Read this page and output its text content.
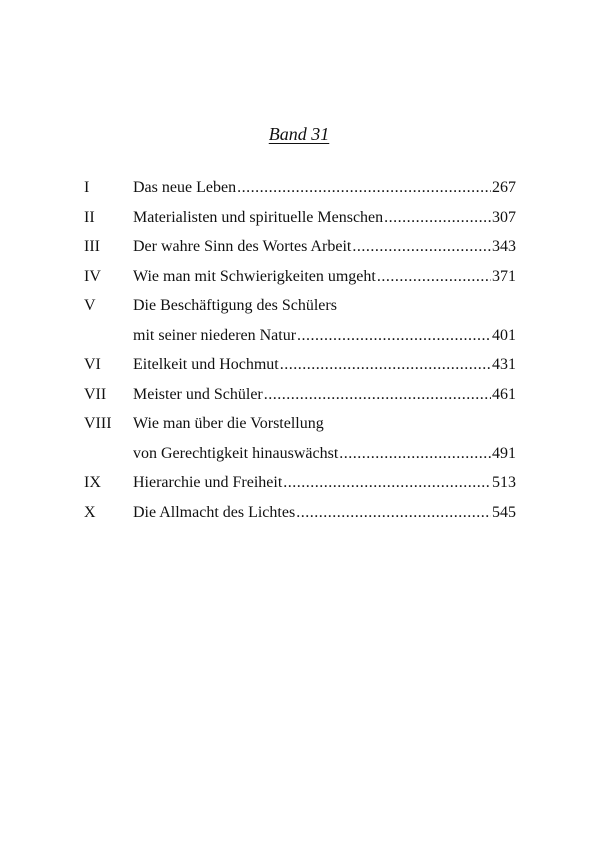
Band 31
I	Das neue Leben .....	267
II Materialisten und spirituelle Menschen .....	307
III Der wahre Sinn des Wortes Arbeit .....	343
IV Wie man mit Schwierigkeiten umgeht .....	371
V Die Beschäftigung des Schülers
mit seiner niederen Natur .....	401
VI Eitelkeit und Hochmut .....	431
VII Meister und Schüler .....	461
VIII Wie man über die Vorstellung
von Gerechtigkeit hinauswächst .....	491
IX Hierarchie und Freiheit .....	513
X Die Allmacht des Lichtes .....	545
